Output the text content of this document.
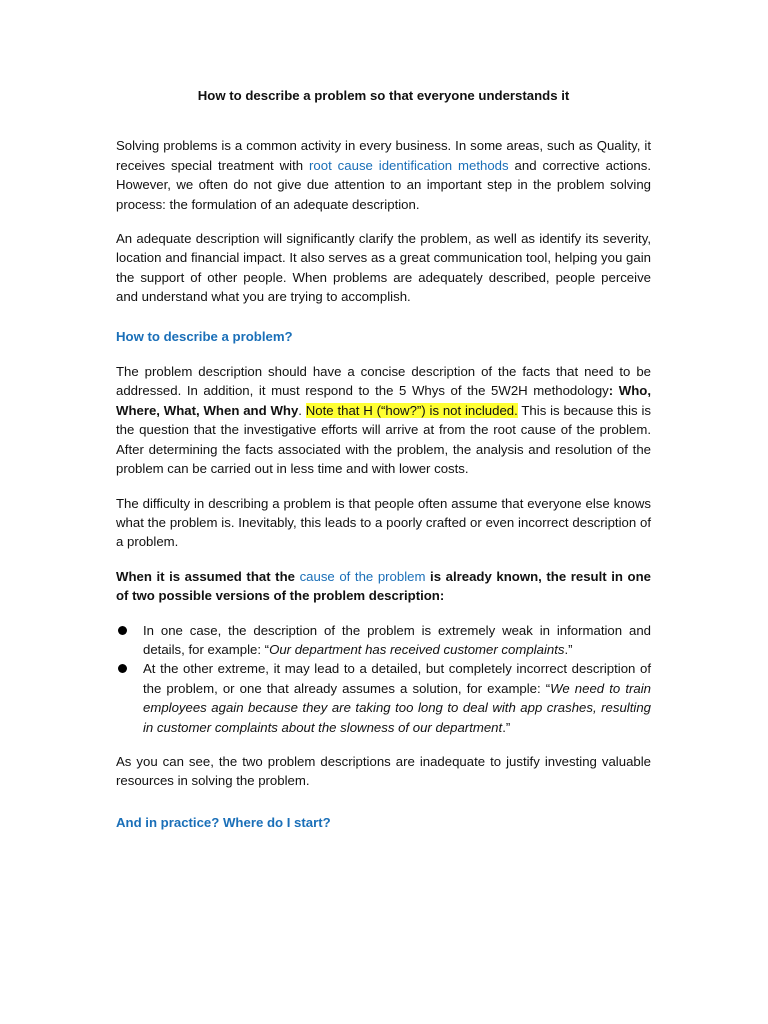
How to describe a problem so that everyone understands it

Solving problems is a common activity in every business. In some areas, such as Quality, it receives special treatment with root cause identification methods and corrective actions. However, we often do not give due attention to an important step in the problem solving process: the formulation of an adequate description.

An adequate description will significantly clarify the problem, as well as identify its severity, location and financial impact. It also serves as a great communication tool, helping you gain the support of other people. When problems are adequately described, people perceive and understand what you are trying to accomplish.

How to describe a problem?

The problem description should have a concise description of the facts that need to be addressed. In addition, it must respond to the 5 Whys of the 5W2H methodology: Who, Where, What, When and Why. Note that H (“how?”) is not included. This is because this is the question that the investigative efforts will arrive at from the root cause of the problem. After determining the facts associated with the problem, the analysis and resolution of the problem can be carried out in less time and with lower costs.

The difficulty in describing a problem is that people often assume that everyone else knows what the problem is. Inevitably, this leads to a poorly crafted or even incorrect description of a problem.

When it is assumed that the cause of the problem is already known, the result in one of two possible versions of the problem description:

In one case, the description of the problem is extremely weak in information and details, for example: “Our department has received customer complaints.”
At the other extreme, it may lead to a detailed, but completely incorrect description of the problem, or one that already assumes a solution, for example: “We need to train employees again because they are taking too long to deal with app crashes, resulting in customer complaints about the slowness of our department.”

As you can see, the two problem descriptions are inadequate to justify investing valuable resources in solving the problem.

And in practice? Where do I start?
